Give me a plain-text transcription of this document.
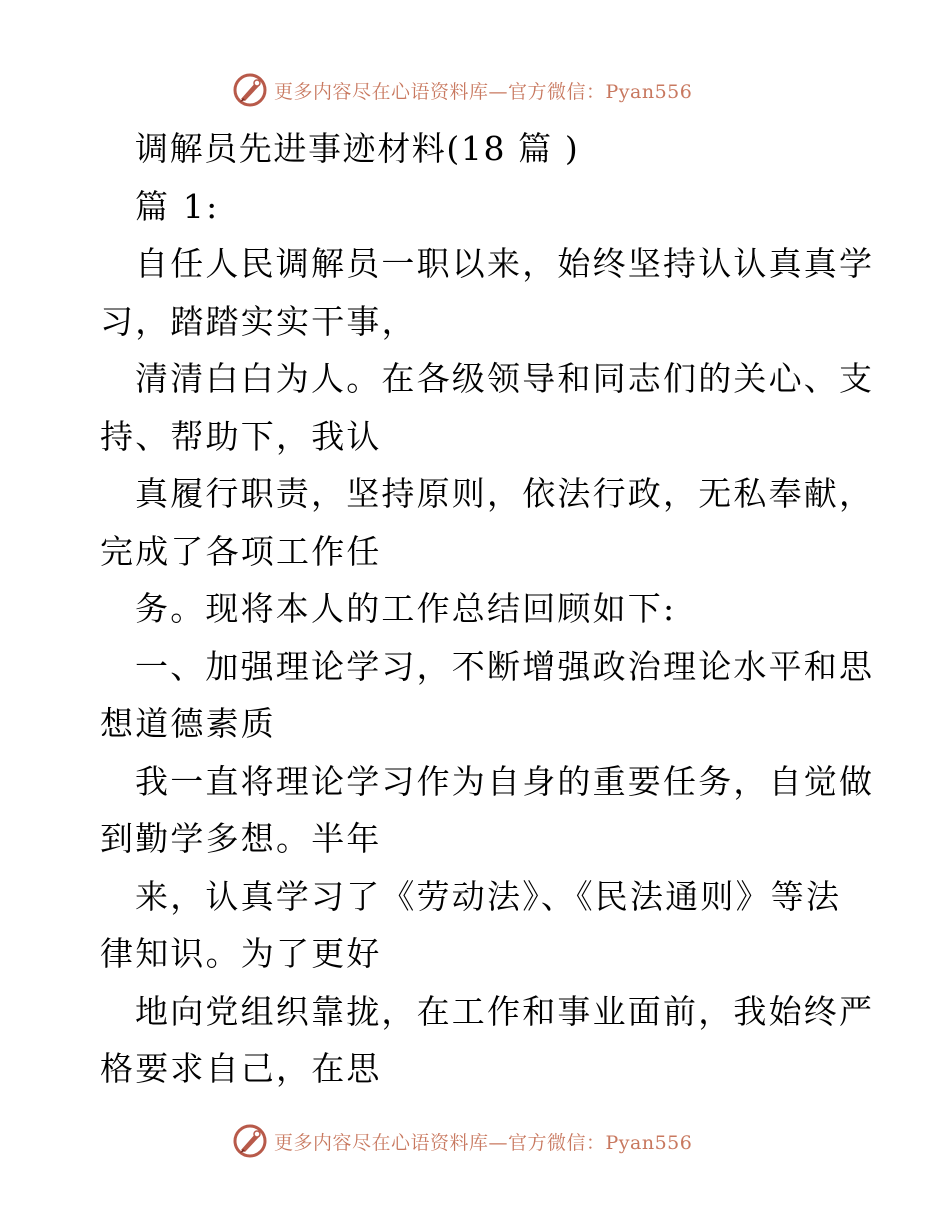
更多内容尽在心语资料库—官方微信：Pyan556
调解员先进事迹材料(18 篇 )
篇 1:
自任人民调解员一职以来，始终坚持认认真真学
习，踏踏实实干事，
清清白白为人。在各级领导和同志们的关心、支
持、帮助下，我认
真履行职责，坚持原则，依法行政，无私奉献，
完成了各项工作任
务。现将本人的工作总结回顾如下:
一、加强理论学习，不断增强政治理论水平和思
想道德素质
我一直将理论学习作为自身的重要任务，自觉做
到勤学多想。半年
来，认真学习了《劳动法》、《民法通则》等法
律知识。为了更好
地向党组织靠拢，在工作和事业面前，我始终严
格要求自己，在思
更多内容尽在心语资料库—官方微信：Pyan556
